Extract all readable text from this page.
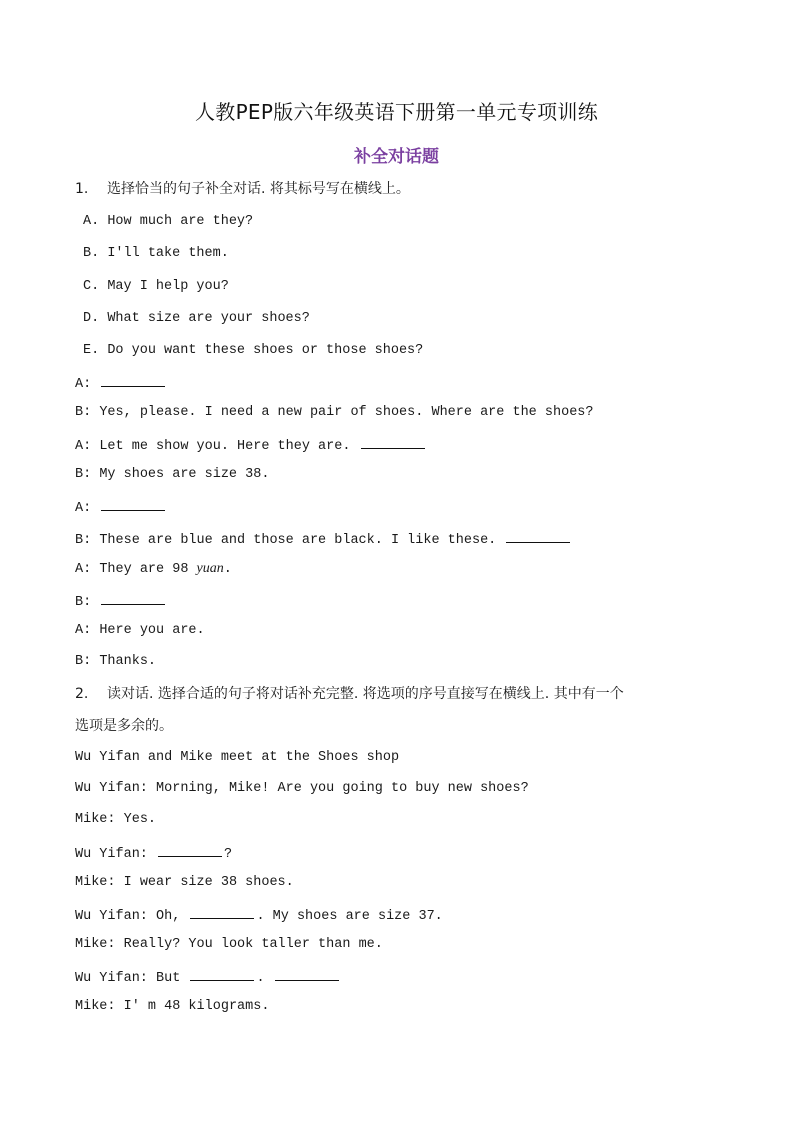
人教PEP版六年级英语下册第一单元专项训练
补全对话题
1. 选择恰当的句子补全对话. 将其标号写在横线上。
A. How much are they?
B. I'll take them.
C. May I help you?
D. What size are your shoes?
E. Do you want these shoes or those shoes?
A:
B: Yes, please. I need a new pair of shoes. Where are the shoes?
A: Let me show you. Here they are.
B: My shoes are size 38.
A:
B: These are blue and those are black. I like these.
A: They are 98 yuan.
B:
A: Here you are.
B: Thanks.
2. 读对话. 选择合适的句子将对话补充完整. 将选项的序号直接写在横线上. 其中有一个
选项是多余的。
Wu Yifan and Mike meet at the Shoes shop
Wu Yifan: Morning, Mike! Are you going to buy new shoes?
Mike: Yes.
Wu Yifan:	?
Mike: I wear size 38 shoes.
Wu Yifan: Oh,	. My shoes are size 37.
Mike: Really? You look taller than me.
Wu Yifan: But	.
Mike: I' m 48 kilograms.
